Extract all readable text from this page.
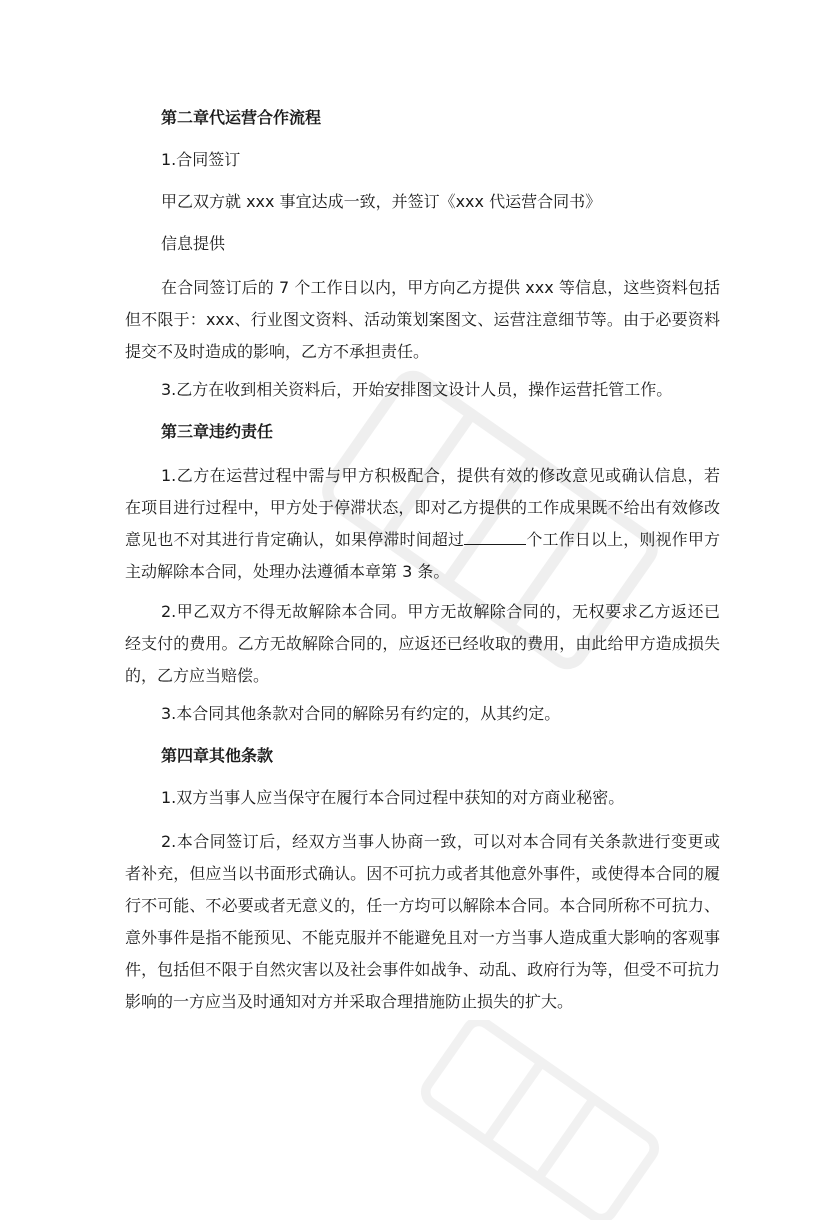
第二章代运营合作流程

1.合同签订

甲乙双方就 xxx 事宜达成一致，并签订《xxx 代运营合同书》

信息提供

在合同签订后的 7 个工作日以内，甲方向乙方提供 xxx 等信息，这些资料包括但不限于：xxx、行业图文资料、活动策划案图文、运营注意细节等。由于必要资料提交不及时造成的影响，乙方不承担责任。

3.乙方在收到相关资料后，开始安排图文设计人员，操作运营托管工作。

第三章违约责任

1.乙方在运营过程中需与甲方积极配合，提供有效的修改意见或确认信息，若在项目进行过程中，甲方处于停滞状态，即对乙方提供的工作成果既不给出有效修改意见也不对其进行肯定确认，如果停滞时间超过	个工作日以上，则视作甲方主动解除本合同，处理办法遵循本章第 3 条。

2.甲乙双方不得无故解除本合同。甲方无故解除合同的，无权要求乙方返还已经支付的费用。乙方无故解除合同的，应返还已经收取的费用，由此给甲方造成损失的，乙方应当赔偿。

3.本合同其他条款对合同的解除另有约定的，从其约定。

第四章其他条款

1.双方当事人应当保守在履行本合同过程中获知的对方商业秘密。

2.本合同签订后，经双方当事人协商一致，可以对本合同有关条款进行变更或者补充，但应当以书面形式确认。因不可抗力或者其他意外事件，或使得本合同的履行不可能、不必要或者无意义的，任一方均可以解除本合同。本合同所称不可抗力、意外事件是指不能预见、不能克服并不能避免且对一方当事人造成重大影响的客观事件，包括但不限于自然灾害以及社会事件如战争、动乱、政府行为等，但受不可抗力影响的一方应当及时通知对方并采取合理措施防止损失的扩大。
